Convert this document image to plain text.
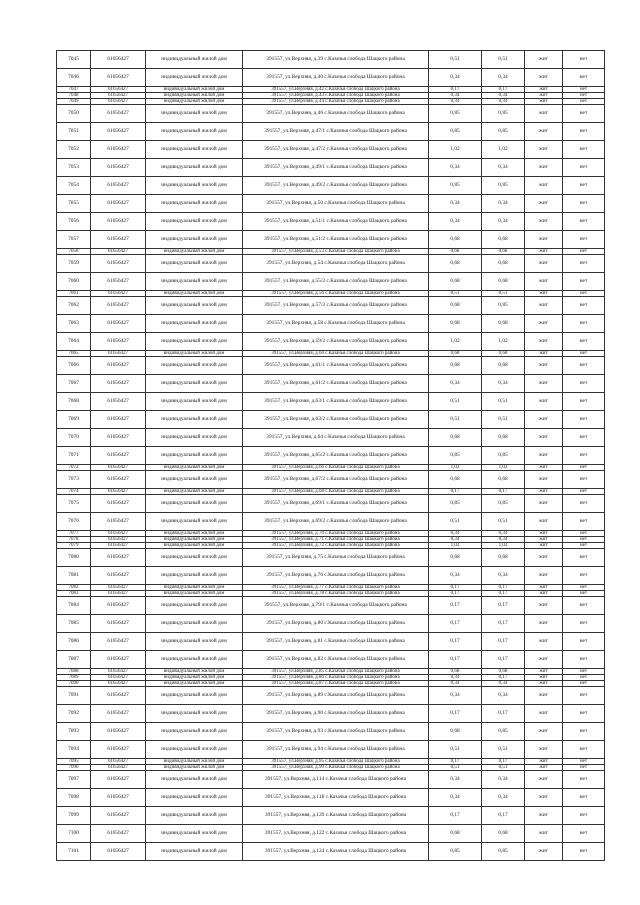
7045	61656427	индивидуальный жилой дом	391557, ул.Верхняя, д.39 с.Казачья слобода Шацкого района	0,51	0,51	жит	нет
7046	61656427	индивидуальный жилой дом	391557, ул.Верхняя, д.40 с.Казачья слобода Шацкого района	0,34	0,34	жит	нет
7047	61656427	индивидуальный жилой дом	391557, ул.Верхняя, д.42 с.Казачья слобода Шацкого района	0,17	0,17	жит	нет
7048	61656427	индивидуальный жилой дом	391557, ул.Верхняя, д.43 с.Казачья слобода Шацкого района	0,34	0,34	жит	нет
7049	61656427	индивидуальный жилой дом	391557, ул.Верхняя, д.44 с.Казачья слобода Шацкого района	0,34	0,34	жит	нет
7050	61656427	индивидуальный жилой дом	391557, ул.Верхняя, д.46 с.Казачья слобода Шацкого района	0,85	0,85	жит	нет
7051	61656427	индивидуальный жилой дом	391557, ул.Верхняя, д.47/1 с.Казачья слобода Шацкого района	0,85	0,85	жит	нет
7052	61656427	индивидуальный жилой дом	391557, ул.Верхняя, д.47/2 с.Казачья слобода Шацкого района	1,02	1,02	жит	нет
7053	61656427	индивидуальный жилой дом	391557, ул.Верхняя, д.49/1 с.Казачья слобода Шацкого района	0,34	0,34	жит	нет
7054	61656427	индивидуальный жилой дом	391557, ул.Верхняя, д.49/2 с.Казачья слобода Шацкого района	0,85	0,85	жит	нет
7055	61656427	индивидуальный жилой дом	391557, ул.Верхняя, д.50 с.Казачья слобода Шацкого района	0,34	0,34	жит	нет
7056	61656427	индивидуальный жилой дом	391557, ул.Верхняя, д.51/1 с.Казачья слобода Шацкого района	0,34	0,34	жит	нет
7057	61656427	индивидуальный жилой дом	391557, ул.Верхняя, д.51/2 с.Казачья слобода Шацкого района	0,68	0,68	жит	нет
7058	61656427	индивидуальный жилой дом	391557, ул.Верхняя, д.53 с.Казачья слобода Шацкого района	0,68	0,68	жит	нет
7059	61656427	индивидуальный жилой дом	391557, ул.Верхняя, д.54 с.Казачья слобода Шацкого района	0,68	0,68	жит	нет
7060	61656427	индивидуальный жилой дом	391557, ул.Верхняя, д.55/2 с.Казачья слобода Шацкого района	0,68	0,68	жит	нет
7061	61656427	индивидуальный жилой дом	391557, ул.Верхняя, д.56 с.Казачья слобода Шацкого района	0,51	0,51	жит	нет
7062	61656427	индивидуальный жилой дом	391557, ул.Верхняя, д.57/3 с.Казачья слобода Шацкого района	0,68	0,85	жит	нет
7063	61656427	индивидуальный жилой дом	391557, ул.Верхняя, д.58 с.Казачья слобода Шацкого района	0,68	0,68	жит	нет
7064	61656427	индивидуальный жилой дом	391557, ул.Верхняя, д.59/2 с.Казачья слобода Шацкого района	1,02	1,02	жит	нет
7065	61656427	индивидуальный жилой дом	391557, ул.Верхняя, д.60 с.Казачья слобода Шацкого района	0,68	0,68	жит	нет
7066	61656427	индивидуальный жилой дом	391557, ул.Верхняя, д.61/1 с.Казачья слобода Шацкого района	0,68	0,68	жит	нет
7067	61656427	индивидуальный жилой дом	391557, ул.Верхняя, д.61/2 с.Казачья слобода Шацкого района	0,34	0,34	жит	нет
7068	61656427	индивидуальный жилой дом	391557, ул.Верхняя, д.63/1 с.Казачья слобода Шацкого района	0,51	0,51	жит	нет
7069	61656427	индивидуальный жилой дом	391557, ул.Верхняя, д.63/2 с.Казачья слобода Шацкого района	0,51	0,51	жит	нет
7070	61656427	индивидуальный жилой дом	391557, ул.Верхняя, д.64 с.Казачья слобода Шацкого района	0,68	0,68	жит	нет
7071	61656427	индивидуальный жилой дом	391557, ул.Верхняя, д.65/2 с.Казачья слобода Шацкого района	0,85	0,85	жит	нет
7072	61656427	индивидуальный жилой дом	391557, ул.Верхняя, д.66 с.Казачья слобода Шацкого района	1,02	1,02	жит	нет
7073	61656427	индивидуальный жилой дом	391557, ул.Верхняя, д.67/2 с.Казачья слобода Шацкого района	0,68	0,68	жит	нет
7074	61656427	индивидуальный жилой дом	391557, ул.Верхняя, д.68 с.Казачья слобода Шацкого района	0,17	0,17	жит	нет
7075	61656427	индивидуальный жилой дом	391557, ул.Верхняя, д.69/1 с.Казачья слобода Шацкого района	0,85	0,85	жит	нет
7076	61656427	индивидуальный жилой дом	391557, ул.Верхняя, д.69/2 с.Казачья слобода Шацкого района	0,51	0,51	жит	нет
7077	61656427	индивидуальный жилой дом	391557, ул.Верхняя, д.70 с.Казачья слобода Шацкого района	0,34	0,34	жит	нет
7078	61656427	индивидуальный жилой дом	391557, ул.Верхняя, д.71 с.Казачья слобода Шацкого района	0,34	0,34	жит	нет
7079	61656427	индивидуальный жилой дом	391557, ул.Верхняя, д.72 с.Казачья слобода Шацкого района	1,02	1,02	жит	нет
7080	61656427	индивидуальный жилой дом	391557, ул.Верхняя, д.75 с.Казачья слобода Шацкого района	0,68	0,68	жит	нет
7081	61656427	индивидуальный жилой дом	391557, ул.Верхняя, д.76 с.Казачья слобода Шацкого района	0,34	0,34	жит	нет
7082	61656427	индивидуальный жилой дом	391557, ул.Верхняя, д.77 с.Казачья слобода Шацкого района	0,17	0,17	жит	нет
7083	61656427	индивидуальный жилой дом	391557, ул.Верхняя, д.78 с.Казачья слобода Шацкого района	0,17	0,17	жит	нет
7084	61656427	индивидуальный жилой дом	391557, ул.Верхняя, д.79/1 с.Казачья слобода Шацкого района	0,17	0,17	жит	нет
7085	61656427	индивидуальный жилой дом	391557, ул.Верхняя, д.80 с.Казачья слобода Шацкого района	0,17	0,17	жит	нет
7086	61656427	индивидуальный жилой дом	391557, ул.Верхняя, д.81 с.Казачья слобода Шацкого района	0,17	0,17	жит	нет
7087	61656427	индивидуальный жилой дом	391557, ул.Верхняя, д.82 с.Казачья слобода Шацкого района	0,17	0,17	жит	нет
7088	61656427	индивидуальный жилой дом	391557, ул.Верхняя, д.85 с.Казачья слобода Шацкого района	0,68	0,68	жит	нет
7089	61656427	индивидуальный жилой дом	391557, ул.Верхняя, д.86 с.Казачья слобода Шацкого района	0,34	0,17	жит	нет
7090	61656427	индивидуальный жилой дом	391557, ул.Верхняя, д.87 с.Казачья слобода Шацкого района	0,34	0,34	жит	нет
7091	61656427	индивидуальный жилой дом	391557, ул.Верхняя, д.89 с.Казачья слобода Шацкого района	0,34	0,34	жит	нет
7092	61656427	индивидуальный жилой дом	391557, ул.Верхняя, д.90 с.Казачья слобода Шацкого района	0,17	0,17	жит	нет
7093	61656427	индивидуальный жилой дом	391557, ул.Верхняя, д.93 с.Казачья слобода Шацкого района	0,68	0,85	жит	нет
7094	61656427	индивидуальный жилой дом	391557, ул.Верхняя, д.94 с.Казачья слобода Шацкого района	0,51	0,51	жит	нет
7095	61656427	индивидуальный жилой дом	391557, ул.Верхняя, д.95 с.Казачья слобода Шацкого района	0,17	0,17	жит	нет
7096	61656427	индивидуальный жилой дом	391557, ул.Верхняя, д.99 с.Казачья слобода Шацкого района	0,51	0,51	жит	нет
7097	61656427	индивидуальный жилой дом	391557, ул.Верхняя, д.114 с.Казачья слобода Шацкого района	0,34	0,34	жит	нет
7098	61656427	индивидуальный жилой дом	391557, ул.Верхняя, д.118 с.Казачья слобода Шацкого района	0,34	0,34	жит	нет
7099	61656427	индивидуальный жилой дом	391557, ул.Верхняя, д.120 с.Казачья слобода Шацкого района	0,17	0,17	жит	нет
7100	61656427	индивидуальный жилой дом	391557, ул.Верхняя, д.122 с.Казачья слобода Шацкого района	0,68	0,68	жит	нет
7101	61656427	индивидуальный жилой дом	391557, ул.Верхняя, д.124 с.Казачья слобода Шацкого района	0,85	0,85	жит	нет
